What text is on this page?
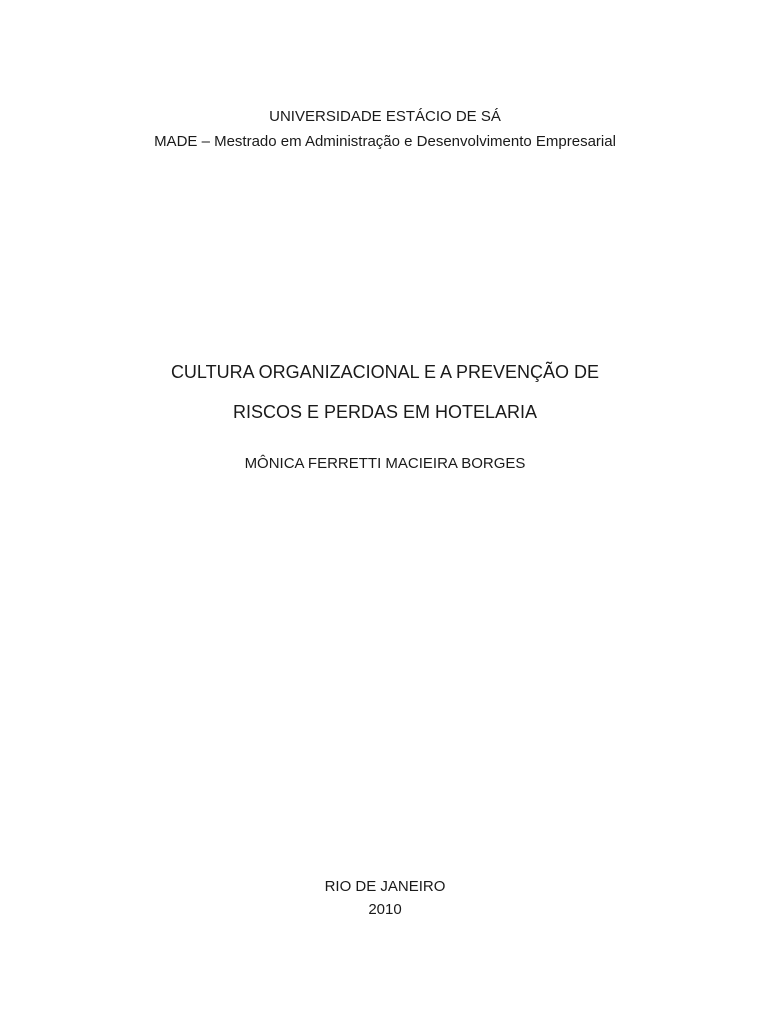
UNIVERSIDADE ESTÁCIO DE SÁ
MADE – Mestrado em Administração e Desenvolvimento Empresarial
CULTURA ORGANIZACIONAL E A PREVENÇÃO DE
RISCOS E PERDAS EM HOTELARIA
MÔNICA FERRETTI MACIEIRA BORGES
RIO DE JANEIRO
2010
